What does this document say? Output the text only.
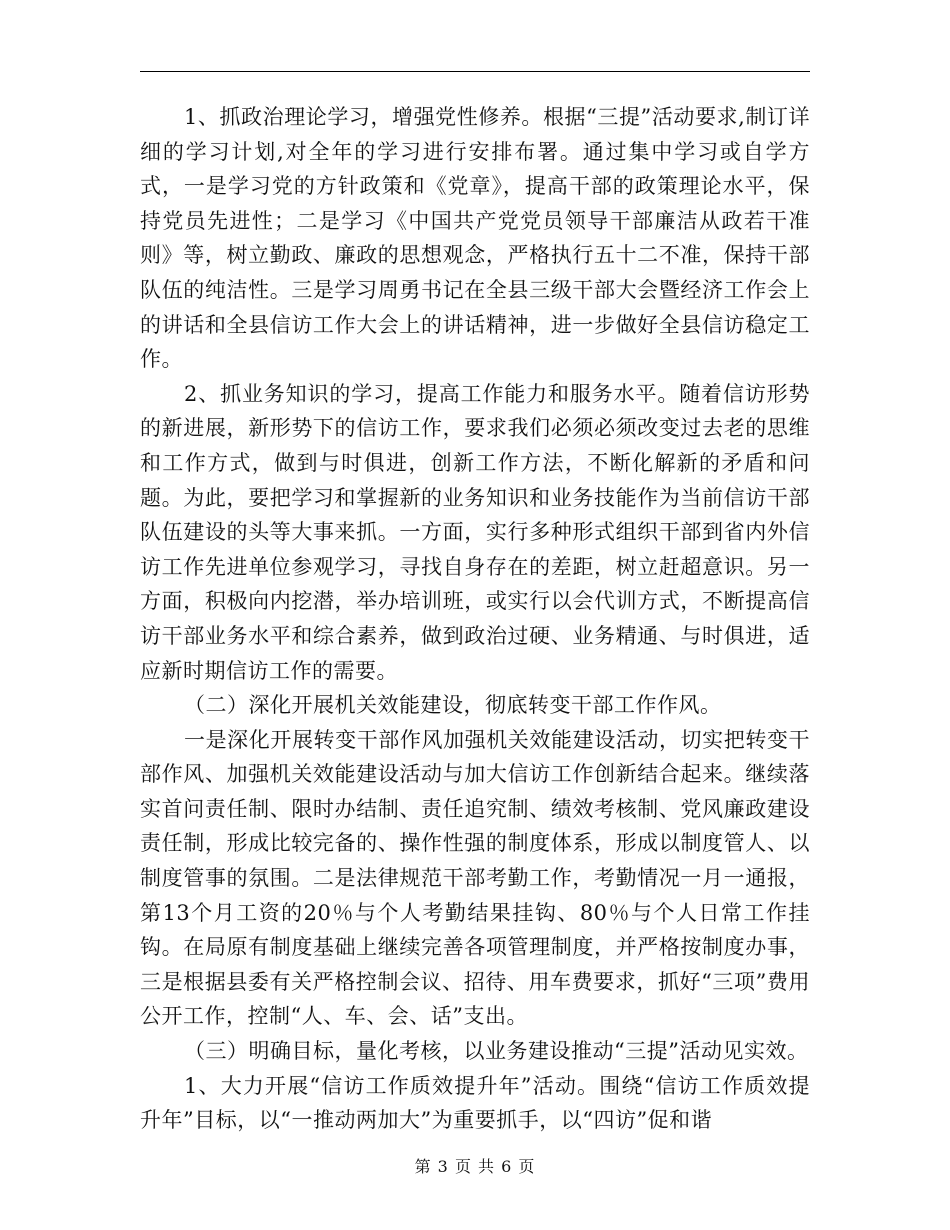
1、抓政治理论学习，增强党性修养。根据“三提”活动要求,制订详细的学习计划,对全年的学习进行安排布署。通过集中学习或自学方式，一是学习党的方针政策和《党章》，提高干部的政策理论水平，保持党员先进性；二是学习《中国共产党党员领导干部廉洁从政若干准则》等，树立勤政、廉政的思想观念，严格执行五十二不准，保持干部队伍的纯洁性。三是学习周勇书记在全县三级干部大会暨经济工作会上的讲话和全县信访工作大会上的讲话精神，进一步做好全县信访稳定工作。

2、抓业务知识的学习，提高工作能力和服务水平。随着信访形势的新进展，新形势下的信访工作，要求我们必须必须改变过去老的思维和工作方式，做到与时俱进，创新工作方法，不断化解新的矛盾和问题。为此，要把学习和掌握新的业务知识和业务技能作为当前信访干部队伍建设的头等大事来抓。一方面，实行多种形式组织干部到省内外信访工作先进单位参观学习，寻找自身存在的差距，树立赶超意识。另一方面，积极向内挖潜，举办培训班，或实行以会代训方式，不断提高信访干部业务水平和综合素养，做到政治过硬、业务精通、与时俱进，适应新时期信访工作的需要。

（二）深化开展机关效能建设，彻底转变干部工作作风。

一是深化开展转变干部作风加强机关效能建设活动，切实把转变干部作风、加强机关效能建设活动与加大信访工作创新结合起来。继续落实首问责任制、限时办结制、责任追究制、绩效考核制、党风廉政建设责任制，形成比较完备的、操作性强的制度体系，形成以制度管人、以制度管事的氛围。二是法律规范干部考勤工作，考勤情况一月一通报，第13个月工资的20％与个人考勤结果挂钩、80％与个人日常工作挂钩。在局原有制度基础上继续完善各项管理制度，并严格按制度办事，三是根据县委有关严格控制会议、招待、用车费要求，抓好“三项”费用公开工作，控制“人、车、会、话”支出。

（三）明确目标，量化考核，以业务建设推动“三提”活动见实效。

1、大力开展“信访工作质效提升年”活动。围绕“信访工作质效提升年”目标，以“一推动两加大”为重要抓手，以“四访”促和谐

第 3 页 共 6 页
